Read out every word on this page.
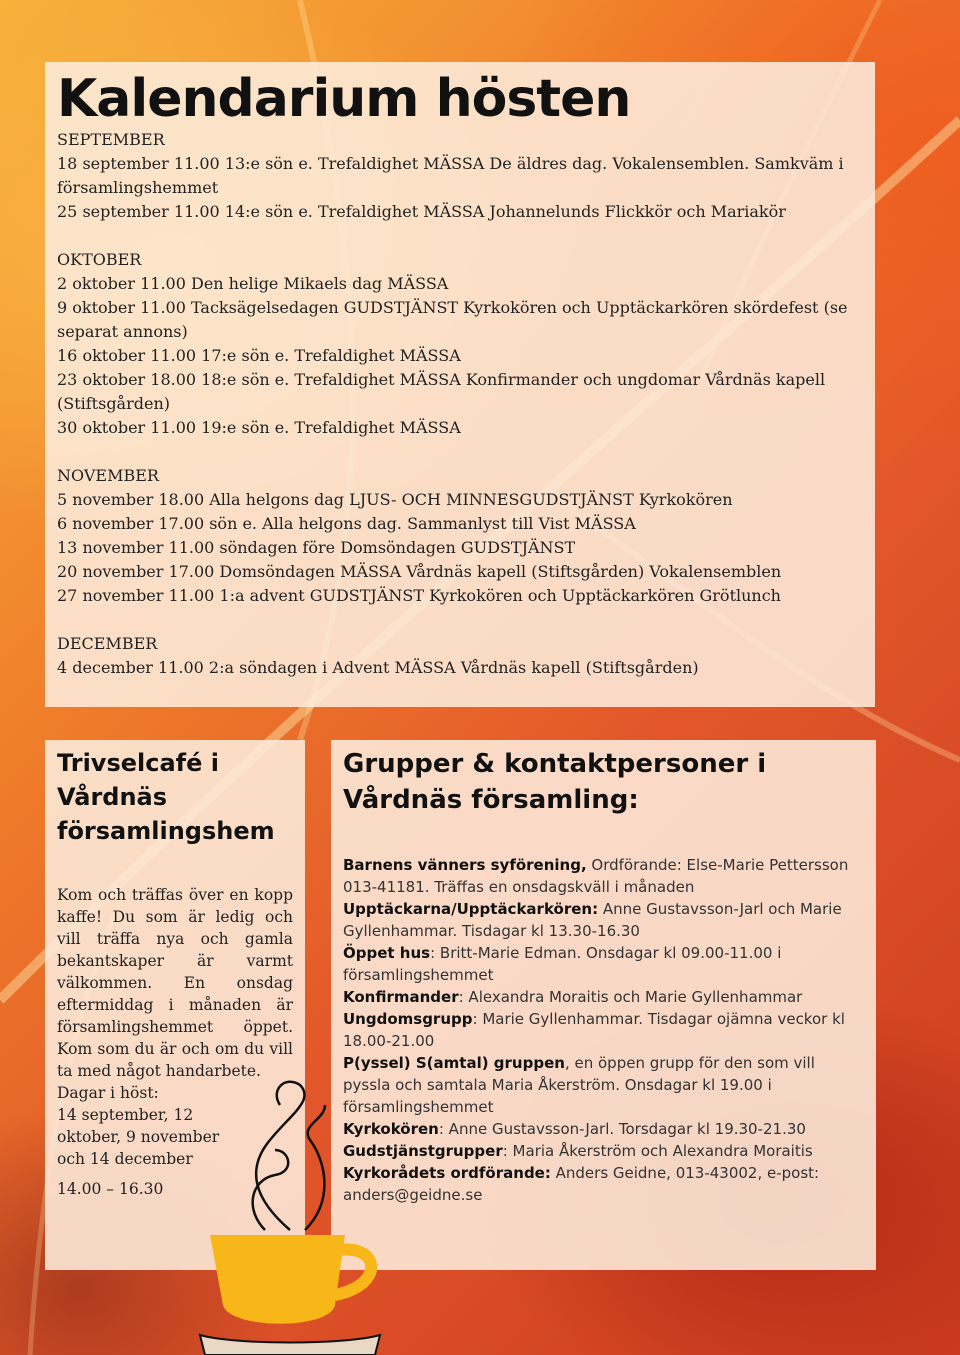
Kalendarium hösten
SEPTEMBER
18 september 11.00 13:e sön e. Trefaldighet MÄSSA De äldres dag. Vokalensemblen. Samkväm i församlingshemmet
25 september 11.00 14:e sön e. Trefaldighet MÄSSA Johannelunds Flickkör och Mariakör
OKTOBER
2 oktober 11.00 Den helige Mikaels dag MÄSSA
9 oktober 11.00 Tacksägelsedagen GUDSTJÄNST Kyrkokören och Upptäckarkören skördefest (se separat annons)
16 oktober 11.00 17:e sön e. Trefaldighet MÄSSA
23 oktober 18.00 18:e sön e. Trefaldighet MÄSSA Konfirmander och ungdomar Vårdnäs kapell (Stiftsgården)
30 oktober 11.00 19:e sön e. Trefaldighet MÄSSA
NOVEMBER
5 november 18.00 Alla helgons dag LJUS- OCH MINNESGUDSTJÄNST Kyrkokören
6 november 17.00 sön e. Alla helgons dag. Sammanlyst till Vist MÄSSA
13 november 11.00 söndagen före Domsöndagen GUDSTJÄNST
20 november 17.00 Domsöndagen MÄSSA Vårdnäs kapell (Stiftsgården) Vokalensemblen
27 november 11.00 1:a advent GUDSTJÄNST Kyrkokören och Upptäckarkören Grötlunch
DECEMBER
4 december 11.00 2:a söndagen i Advent MÄSSA Vårdnäs kapell (Stiftsgården)
Trivselcafé i Vårdnäs församlingshem

Kom och träffas över en kopp kaffe! Du som är ledig och vill träffa nya och gamla bekantskaper är varmt välkommen. En onsdag eftermiddag i månaden är församlingshemmet öppet. Kom som du är och om du vill ta med något handarbete.

Dagar i höst:

14 september, 12 oktober, 9 november och 14 december

14.00 – 16.30
Grupper & kontaktpersoner i Vårdnäs församling:
Barnens vänners syförening, Ordförande: Else-Marie Pettersson 013-41181. Träffas en onsdagskväll i månaden
Upptäckarna/Upptäckarkören: Anne Gustavsson-Jarl och Marie Gyllenhammar. Tisdagar kl 13.30-16.30
Öppet hus: Britt-Marie Edman. Onsdagar kl 09.00-11.00 i församlingshemmet
Konfirmander: Alexandra Moraitis och Marie Gyllenhammar
Ungdomsgrupp: Marie Gyllenhammar. Tisdagar ojämna veckor kl 18.00-21.00
P(yssel) S(amtal) gruppen, en öppen grupp för den som vill pyssla och samtala Maria Åkerström. Onsdagar kl 19.00 i församlingshemmet
Kyrkokören: Anne Gustavsson-Jarl. Torsdagar kl 19.30-21.30
Gudstjänstgrupper: Maria Åkerström och Alexandra Moraitis
Kyrkorådets ordförande: Anders Geidne, 013-43002, e-post: anders@geidne.se
